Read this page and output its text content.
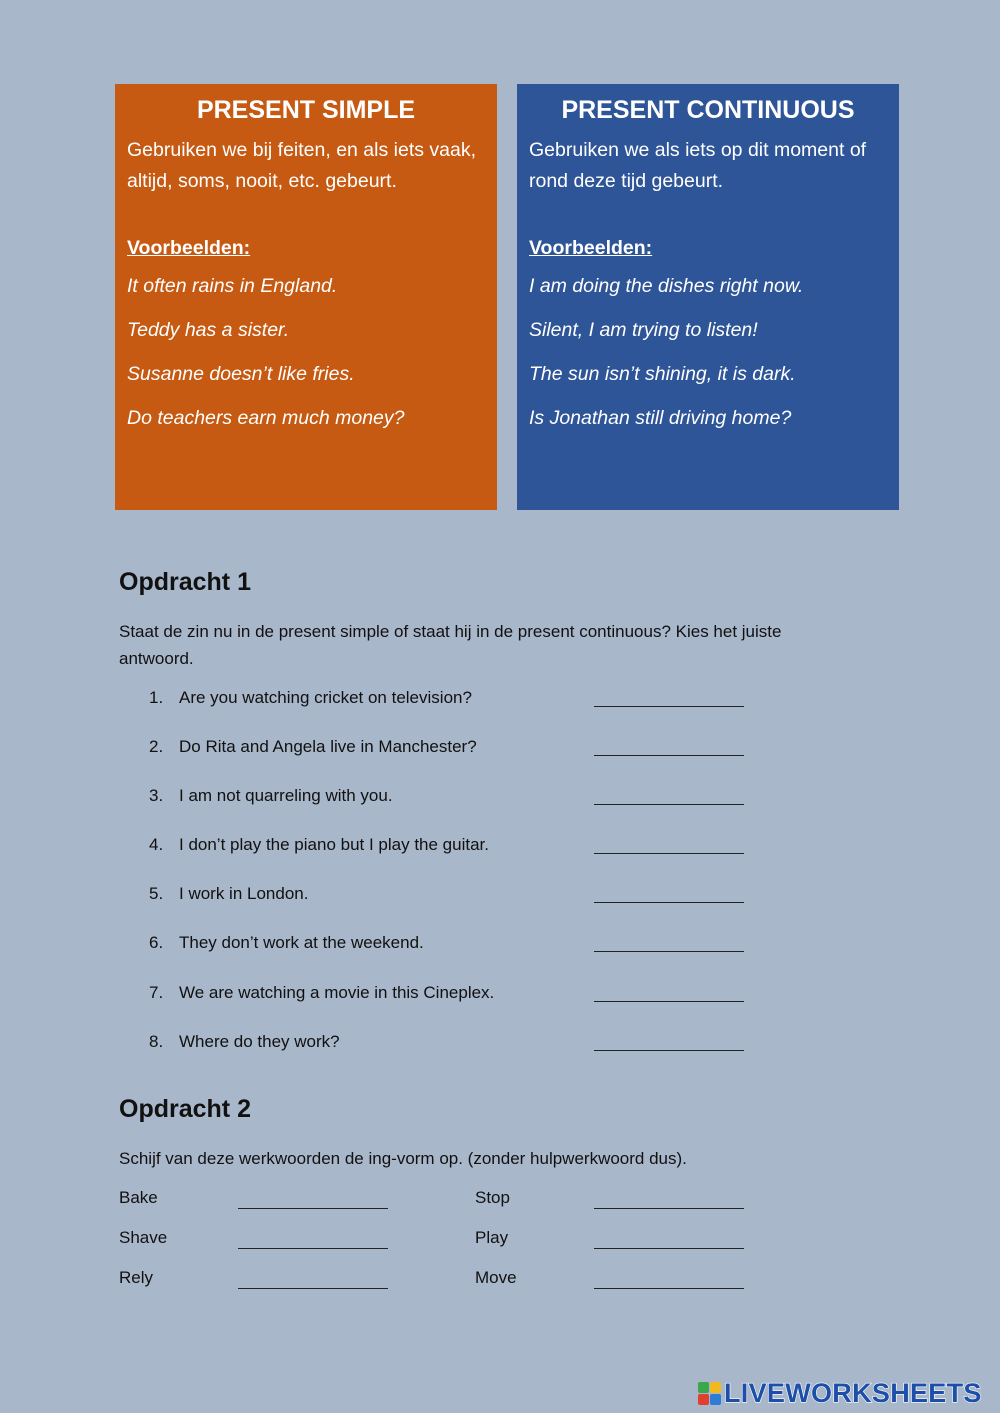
PRESENT SIMPLE

Gebruiken we bij feiten, en als iets vaak, altijd, soms, nooit, etc. gebeurt.

Voorbeelden:

It often rains in England.

Teddy has a sister.

Susanne doesn’t like fries.

Do teachers earn much money?

PRESENT CONTINUOUS

Gebruiken we als iets op dit moment of rond deze tijd gebeurt.

Voorbeelden:

I am doing the dishes right now.

Silent, I am trying to listen!

The sun isn’t shining, it is dark.

Is Jonathan still driving home?

Opdracht 1

Staat de zin nu in de present simple of staat hij in de present continuous? Kies het juiste antwoord.

1. Are you watching cricket on television?
2. Do Rita and Angela live in Manchester?
3. I am not quarreling with you.
4. I don’t play the piano but I play the guitar.
5. I work in London.
6. They don’t work at the weekend.
7. We are watching a movie in this Cineplex.
8. Where do they work?
Opdracht 2

Schijf van deze werkwoorden de ing-vorm op. (zonder hulpwerkwoord dus).

Bake	Stop
Shave	Play
Rely	Move
LIVEWORKSHEETS
